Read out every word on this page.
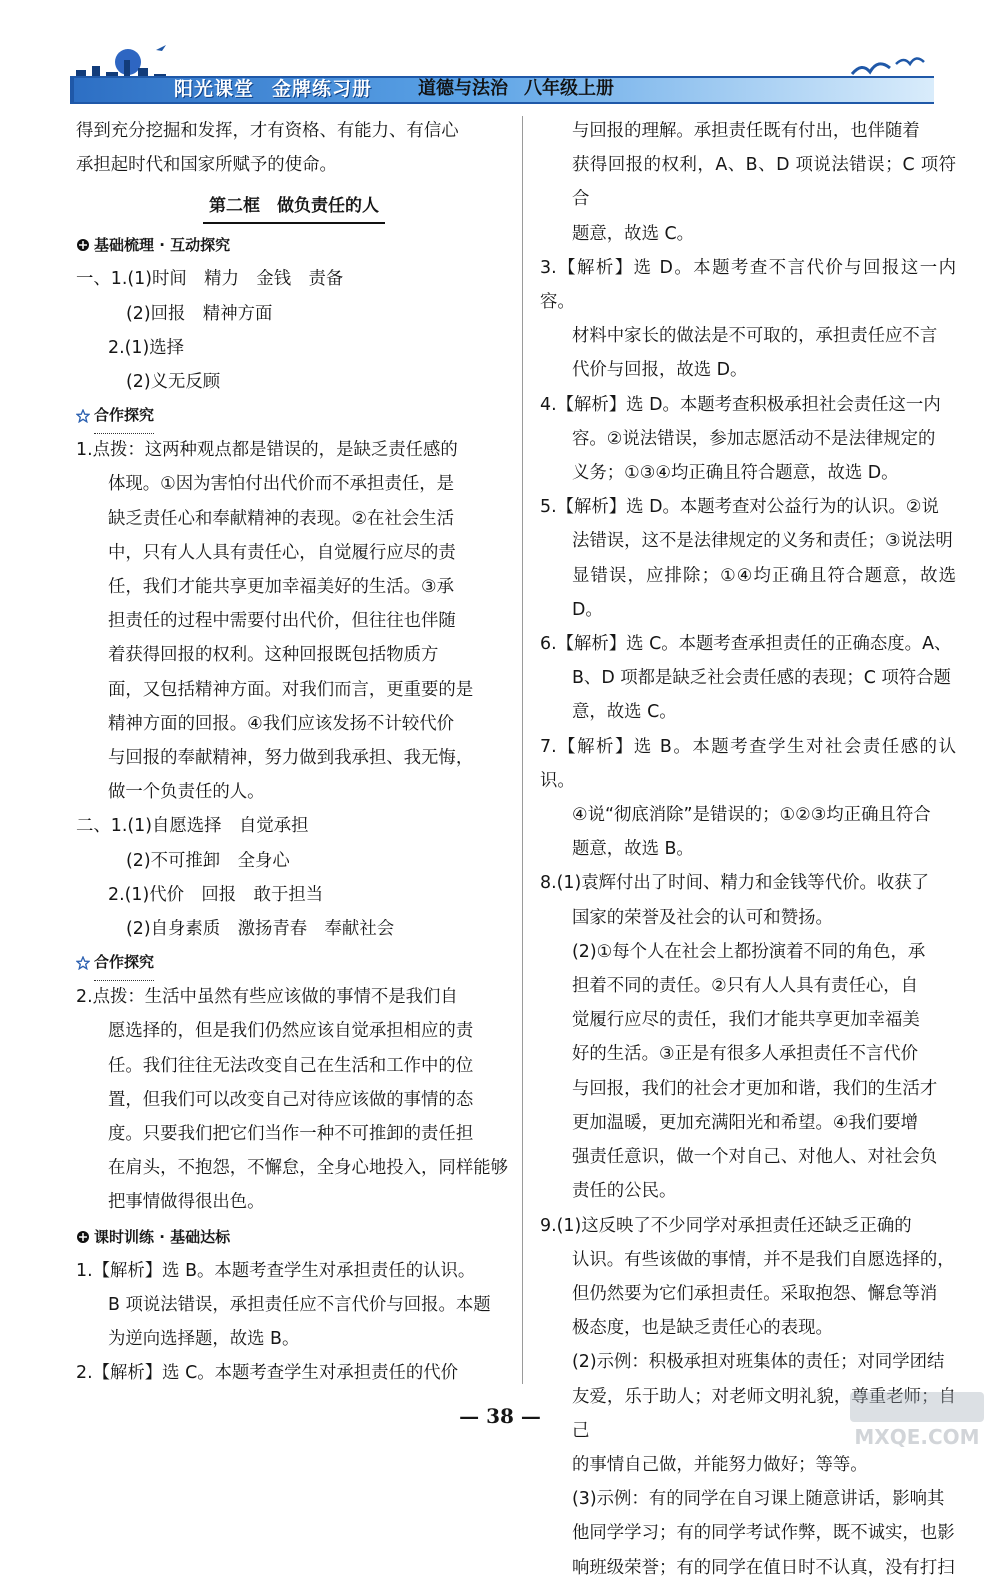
阳光课堂 金牌练习册	道德与法治 八年级上册

得到充分挖掘和发挥，才有资格、有能力、有信心

承担起时代和国家所赋予的使命。

第二框　做负责任的人
基础梳理 · 互动探究

一、1.(1)时间　精力　金钱　责备

(2)回报　精神方面

2.(1)选择

(2)义无反顾

合作探究

1.点拨：这两种观点都是错误的，是缺乏责任感的

体现。①因为害怕付出代价而不承担责任，是

缺乏责任心和奉献精神的表现。②在社会生活

中，只有人人具有责任心，自觉履行应尽的责

任，我们才能共享更加幸福美好的生活。③承

担责任的过程中需要付出代价，但往往也伴随

着获得回报的权利。这种回报既包括物质方

面，又包括精神方面。对我们而言，更重要的是

精神方面的回报。④我们应该发扬不计较代价

与回报的奉献精神，努力做到我承担、我无悔，

做一个负责任的人。

二、1.(1)自愿选择　自觉承担

(2)不可推卸　全身心

2.(1)代价　回报　敢于担当

(2)自身素质　激扬青春　奉献社会

合作探究

2.点拨：生活中虽然有些应该做的事情不是我们自

愿选择的，但是我们仍然应该自觉承担相应的责

任。我们往往无法改变自己在生活和工作中的位

置，但我们可以改变自己对待应该做的事情的态

度。只要我们把它们当作一种不可推卸的责任担

在肩头，不抱怨，不懈怠，全身心地投入，同样能够

把事情做得很出色。

课时训练 · 基础达标

1.【解析】选 B。本题考查学生对承担责任的认识。

B 项说法错误，承担责任应不言代价与回报。本题

为逆向选择题，故选 B。

2.【解析】选 C。本题考查学生对承担责任的代价

与回报的理解。承担责任既有付出，也伴随着

获得回报的权利，A、B、D 项说法错误；C 项符合

题意，故选 C。

3.【解析】选 D。本题考查不言代价与回报这一内容。

材料中家长的做法是不可取的，承担责任应不言

代价与回报，故选 D。

4.【解析】选 D。本题考查积极承担社会责任这一内

容。②说法错误，参加志愿活动不是法律规定的

义务；①③④均正确且符合题意，故选 D。

5.【解析】选 D。本题考查对公益行为的认识。②说

法错误，这不是法律规定的义务和责任；③说法明

显错误，应排除；①④均正确且符合题意，故选 D。

6.【解析】选 C。本题考查承担责任的正确态度。A、

B、D 项都是缺乏社会责任感的表现；C 项符合题

意，故选 C。

7.【解析】选 B。本题考查学生对社会责任感的认识。

④说“彻底消除”是错误的；①②③均正确且符合

题意，故选 B。

8.(1)袁辉付出了时间、精力和金钱等代价。收获了

国家的荣誉及社会的认可和赞扬。

(2)①每个人在社会上都扮演着不同的角色，承

担着不同的责任。②只有人人具有责任心，自

觉履行应尽的责任，我们才能共享更加幸福美

好的生活。③正是有很多人承担责任不言代价

与回报，我们的社会才更加和谐，我们的生活才

更加温暖，更加充满阳光和希望。④我们要增

强责任意识，做一个对自己、对他人、对社会负

责任的公民。

9.(1)这反映了不少同学对承担责任还缺乏正确的

认识。有些该做的事情，并不是我们自愿选择的，

但仍然要为它们承担责任。采取抱怨、懈怠等消

极态度，也是缺乏责任心的表现。

(2)示例：积极承担对班集体的责任；对同学团结

友爱，乐于助人；对老师文明礼貌，尊重老师；自己

的事情自己做，并能努力做好；等等。

(3)示例：有的同学在自习课上随意讲话，影响其

他同学学习；有的同学考试作弊，既不诚实，也影

响班级荣誉；有的同学在值日时不认真，没有打扫

— 38 —
MXQE.COM
